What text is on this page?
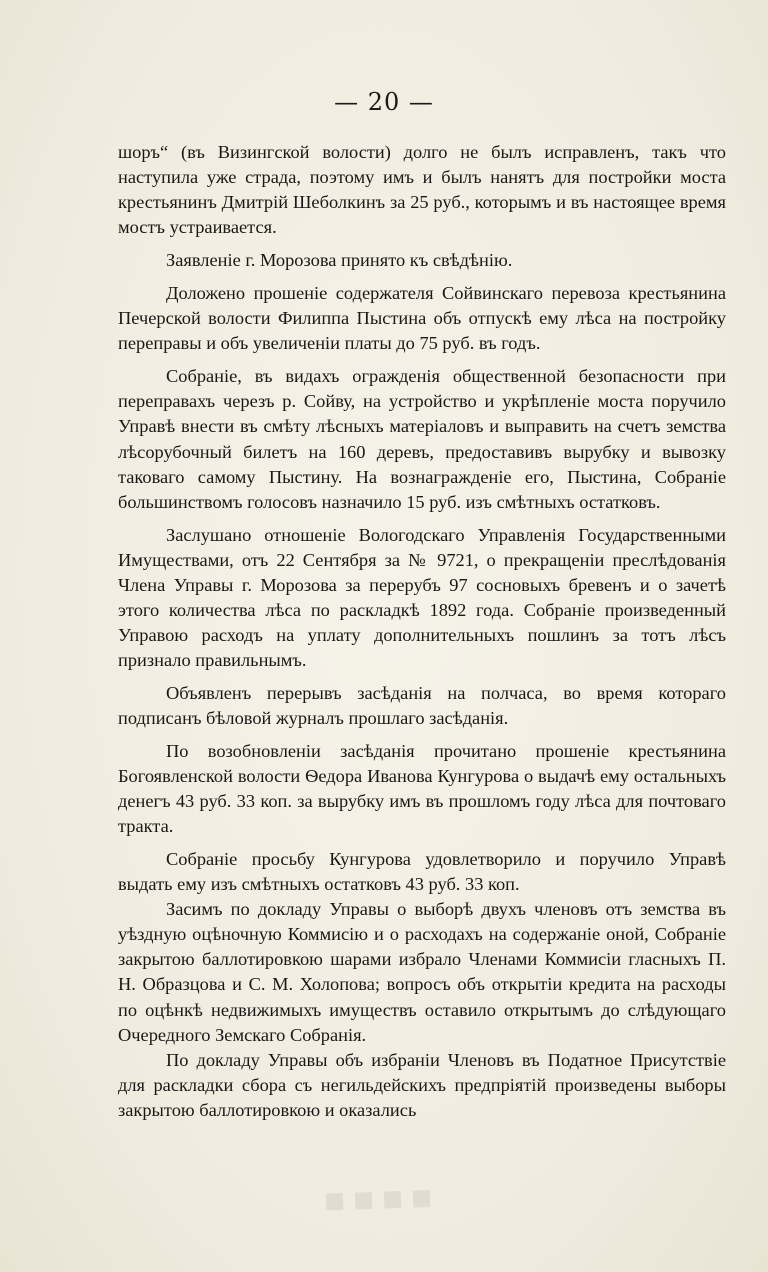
— 20 —

шоръ“ (въ Визингской волости) долго не былъ исправленъ, такъ что наступила уже страда, поэтому имъ и былъ нанятъ для постройки моста крестьянинъ Дмитрій Шеболкинъ за 25 руб., которымъ и въ настоящее время мостъ устраивается.

Заявленіе г. Морозова принято къ свѣдѣнію.

Доложено прошеніе содержателя Сойвинскаго перевоза крестьянина Печерской волости Филиппа Пыстина объ отпускѣ ему лѣса на постройку переправы и объ увеличеніи платы до 75 руб. въ годъ.

Собраніе, въ видахъ огражденія общественной безопасности при переправахъ черезъ р. Сойву, на устройство и укрѣпленіе моста поручило Управѣ внести въ смѣту лѣсныхъ матеріаловъ и выправить на счетъ земства лѣсорубочный билетъ на 160 деревъ, предоставивъ вырубку и вывозку таковаго самому Пыстину. На вознагражденіе его, Пыстина, Собраніе большинствомъ голосовъ назначило 15 руб. изъ смѣтныхъ остатковъ.

Заслушано отношеніе Вологодскаго Управленія Государственными Имуществами, отъ 22 Сентября за № 9721, о прекращеніи преслѣдованія Члена Управы г. Морозова за перерубъ 97 сосновыхъ бревенъ и о зачетѣ этого количества лѣса по раскладкѣ 1892 года. Собраніе произведенный Управою расходъ на уплату дополнительныхъ пошлинъ за тотъ лѣсъ признало правильнымъ.

Объявленъ перерывъ засѣданія на полчаса, во время котораго подписанъ бѣловой журналъ прошлаго засѣданія.

По возобновленіи засѣданія прочитано прошеніе крестьянина Богоявленской волости Ѳедора Иванова Кунгурова о выдачѣ ему остальныхъ денегъ 43 руб. 33 коп. за вырубку имъ въ прошломъ году лѣса для почтоваго тракта.

Собраніе просьбу Кунгурова удовлетворило и поручило Управѣ выдать ему изъ смѣтныхъ остатковъ 43 руб. 33 коп.

Засимъ по докладу Управы о выборѣ двухъ членовъ отъ земства въ уѣздную оцѣночную Коммисію и о расходахъ на содержаніе оной, Собраніе закрытою баллотировкою шарами избрало Членами Коммисіи гласныхъ П. Н. Образцова и С. М. Холопова; вопросъ объ открытіи кредита на расходы по оцѣнкѣ недвижимыхъ имуществъ оставило открытымъ до слѣдующаго Очередного Земскаго Собранія.

По докладу Управы объ избраніи Членовъ въ Податное Присутствіе для раскладки сбора съ негильдейскихъ предпріятій произведены выборы закрытою баллотировкою и оказались

▪▪▪▪
